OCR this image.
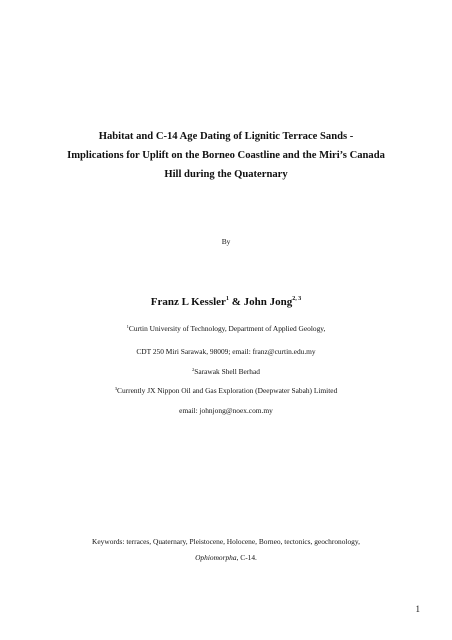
Habitat and C-14 Age Dating of Lignitic Terrace Sands -
Implications for Uplift on the Borneo Coastline and the Miri’s Canada
Hill during the Quaternary
By
Franz L Kessler$^1$ & John Jong$^{2, 3}$
$^1$Curtin University of Technology, Department of Applied Geology,
CDT 250 Miri Sarawak, 98009; email: franz@curtin.edu.my
$^2$Sarawak Shell Berhad
$^3$Currently JX Nippon Oil and Gas Exploration (Deepwater Sabah) Limited
email: johnjong@noex.com.my
Keywords: terraces, Quaternary, Pleistocene, Holocene, Borneo, tectonics, geochronology,
Ophiomorpha, C-14.
1
